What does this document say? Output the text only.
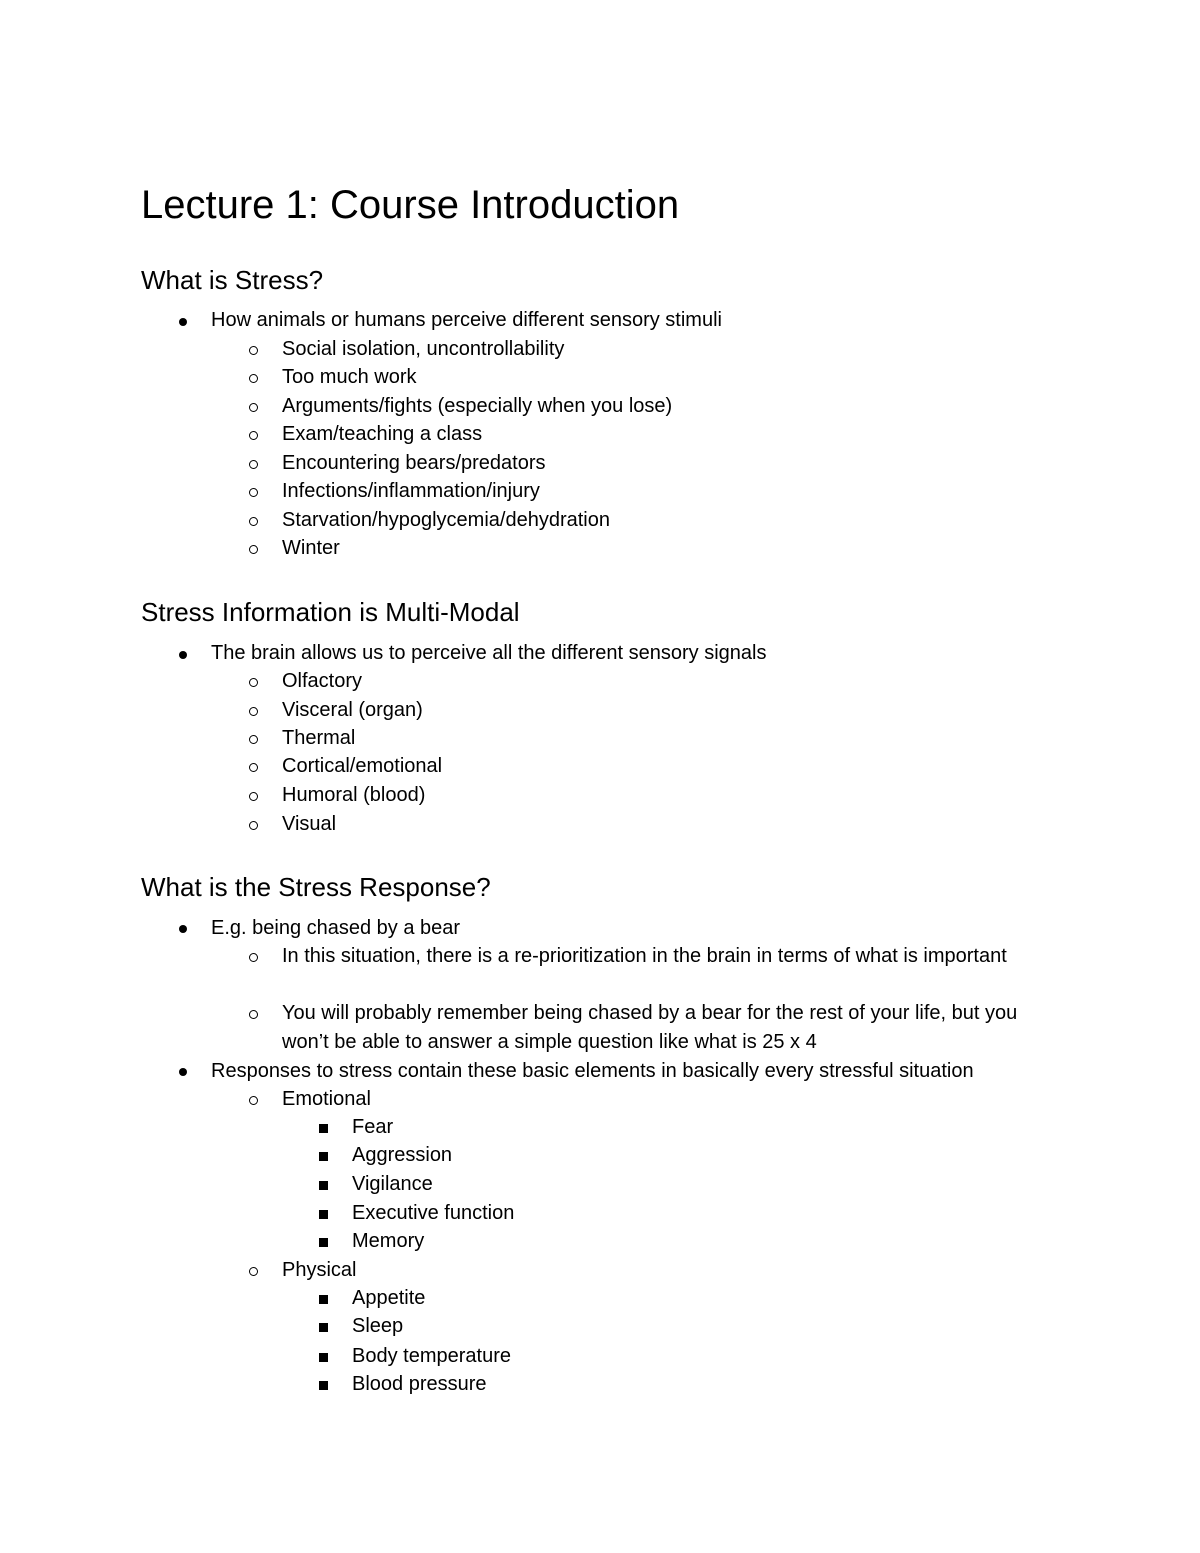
Lecture 1: Course Introduction
What is Stress?
How animals or humans perceive different sensory stimuli
Social isolation, uncontrollability
Too much work
Arguments/fights (especially when you lose)
Exam/teaching a class
Encountering bears/predators
Infections/inflammation/injury
Starvation/hypoglycemia/dehydration
Winter
Stress Information is Multi-Modal
The brain allows us to perceive all the different sensory signals
Olfactory
Visceral (organ)
Thermal
Cortical/emotional
Humoral (blood)
Visual
What is the Stress Response?
E.g. being chased by a bear
In this situation, there is a re-prioritization in the brain in terms of what is important
You will probably remember being chased by a bear for the rest of your life, but you won’t be able to answer a simple question like what is 25 x 4
Responses to stress contain these basic elements in basically every stressful situation
Emotional
Fear
Aggression
Vigilance
Executive function
Memory
Physical
Appetite
Sleep
Body temperature
Blood pressure
